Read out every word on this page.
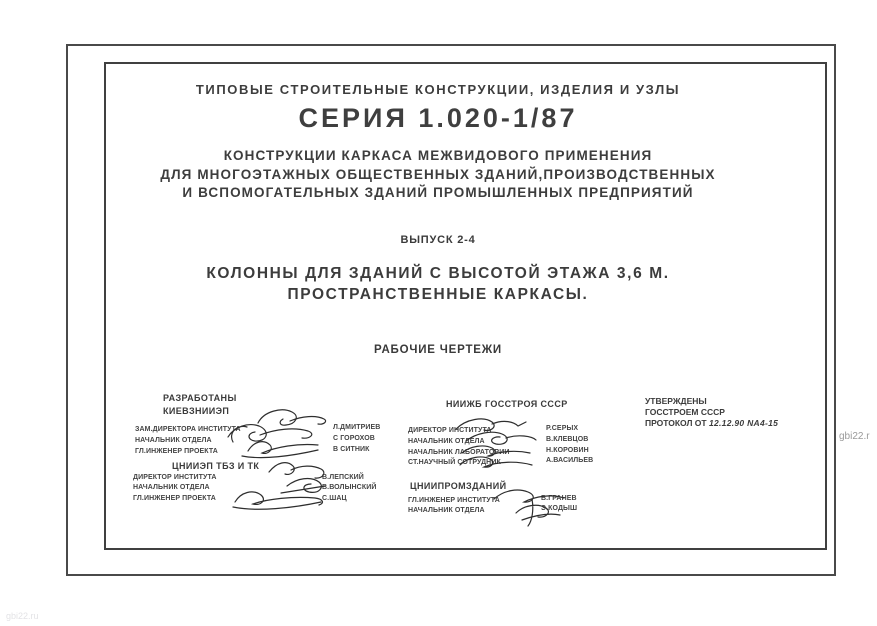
ТИПОВЫЕ СТРОИТЕЛЬНЫЕ КОНСТРУКЦИИ, ИЗДЕЛИЯ И УЗЛЫ
СЕРИЯ 1.020-1/87
КОНСТРУКЦИИ КАРКАСА МЕЖВИДОВОГО ПРИМЕНЕНИЯ
ДЛЯ МНОГОЭТАЖНЫХ ОБЩЕСТВЕННЫХ ЗДАНИЙ,ПРОИЗВОДСТВЕННЫХ
И ВСПОМОГАТЕЛЬНЫХ ЗДАНИЙ ПРОМЫШЛЕННЫХ ПРЕДПРИЯТИЙ
ВЫПУСК 2-4
КОЛОННЫ ДЛЯ ЗДАНИЙ С ВЫСОТОЙ ЭТАЖА 3,6 М.
ПРОСТРАНСТВЕННЫЕ КАРКАСЫ.
РАБОЧИЕ ЧЕРТЕЖИ
РАЗРАБОТАНЫ
КИЕВЗНИИЭП
ЗАМ.ДИРЕКТОРА ИНСТИТУТА
НАЧАЛЬНИК ОТДЕЛА
ГЛ.ИНЖЕНЕР ПРОЕКТА
Л.ДМИТРИЕВ
С ГОРОХОВ
В СИТНИК
ЦНИИЭП ТБЗ И ТК
ДИРЕКТОР ИНСТИТУТА
НАЧАЛЬНИК ОТДЕЛА
ГЛ.ИНЖЕНЕР ПРОЕКТА
В.ЛЕПСКИЙ
В.ВОЛЫНСКИЙ
С.ШАЦ
НИИЖБ ГОССТРОЯ СССР
ДИРЕКТОР ИНСТИТУТА
НАЧАЛЬНИК ОТДЕЛА
НАЧАЛЬНИК ЛАБОРАТОРИИ
СТ.НАУЧНЫЙ СОТРУДНИК
Р.СЕРЫХ
В.КЛЕВЦОВ
Н.КОРОВИН
А.ВАСИЛЬЕВ
ЦНИИПРОМЗДАНИЙ
ГЛ.ИНЖЕНЕР ИНСТИТУТА
НАЧАЛЬНИК ОТДЕЛА
В.ГРАНЕВ
Э.КОДЫШ
УТВЕРЖДЕНЫ
ГОССТРОЕМ СССР
ПРОТОКОЛ ОТ 12.12.90 NА4-15
gbi22.r
gbi22.ru
